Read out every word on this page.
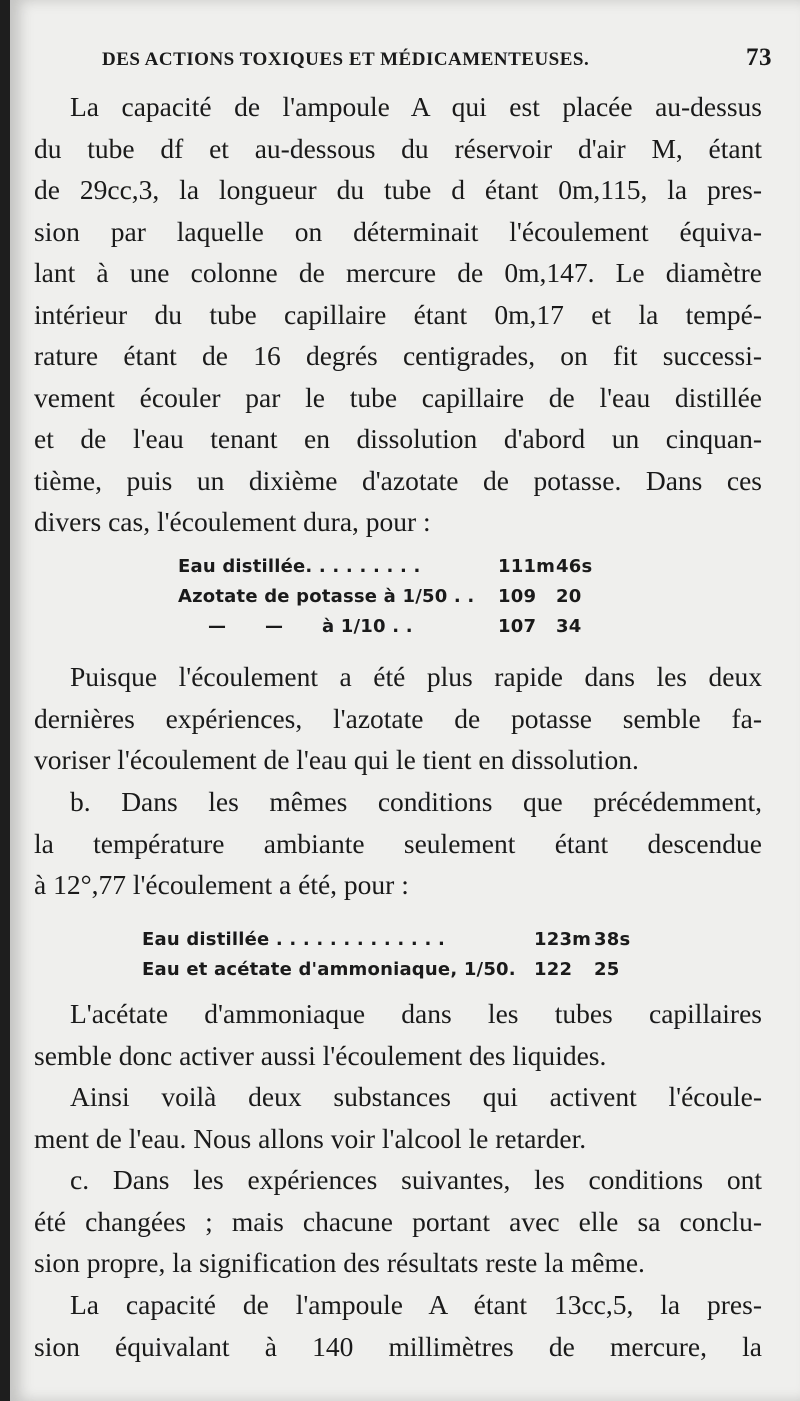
DES ACTIONS TOXIQUES ET MÉDICAMENTEUSES.	73
La capacité de l'ampoule A qui est placée au-dessus
du tube df et au-dessous du réservoir d'air M, étant
de 29cc,3, la longueur du tube d étant 0m,115, la pres-
sion par laquelle on déterminait l'écoulement équiva-
lant à une colonne de mercure de 0m,147. Le diamètre
intérieur du tube capillaire étant 0m,17 et la tempé-
rature étant de 16 degrés centigrades, on fit successi-
vement écouler par le tube capillaire de l'eau distillée
et de l'eau tenant en dissolution d'abord un cinquan-
tième, puis un dixième d'azotate de potasse. Dans ces
divers cas, l'écoulement dura, pour :
Eau distillée. . . . . . . . .	111m 46s
Azotate de potasse à 1/50 . .	109	20
—      —      à 1/10 . .	107	34
Puisque l'écoulement a été plus rapide dans les deux
dernières expériences, l'azotate de potasse semble fa-
voriser l'écoulement de l'eau qui le tient en dissolution.
b. Dans les mêmes conditions que précédemment,
la température ambiante seulement étant descendue
à 12°,77 l'écoulement a été, pour :
Eau distillée . . . . . . . . . . . . .	123m 38s
Eau et acétate d'ammoniaque, 1/50.	122	25
L'acétate d'ammoniaque dans les tubes capillaires
semble donc activer aussi l'écoulement des liquides.
Ainsi voilà deux substances qui activent l'écoule-
ment de l'eau. Nous allons voir l'alcool le retarder.
c. Dans les expériences suivantes, les conditions ont
été changées ; mais chacune portant avec elle sa conclu-
sion propre, la signification des résultats reste la même.
La capacité de l'ampoule A étant 13cc,5, la pres-
sion équivalant à 140 millimètres de mercure, la
